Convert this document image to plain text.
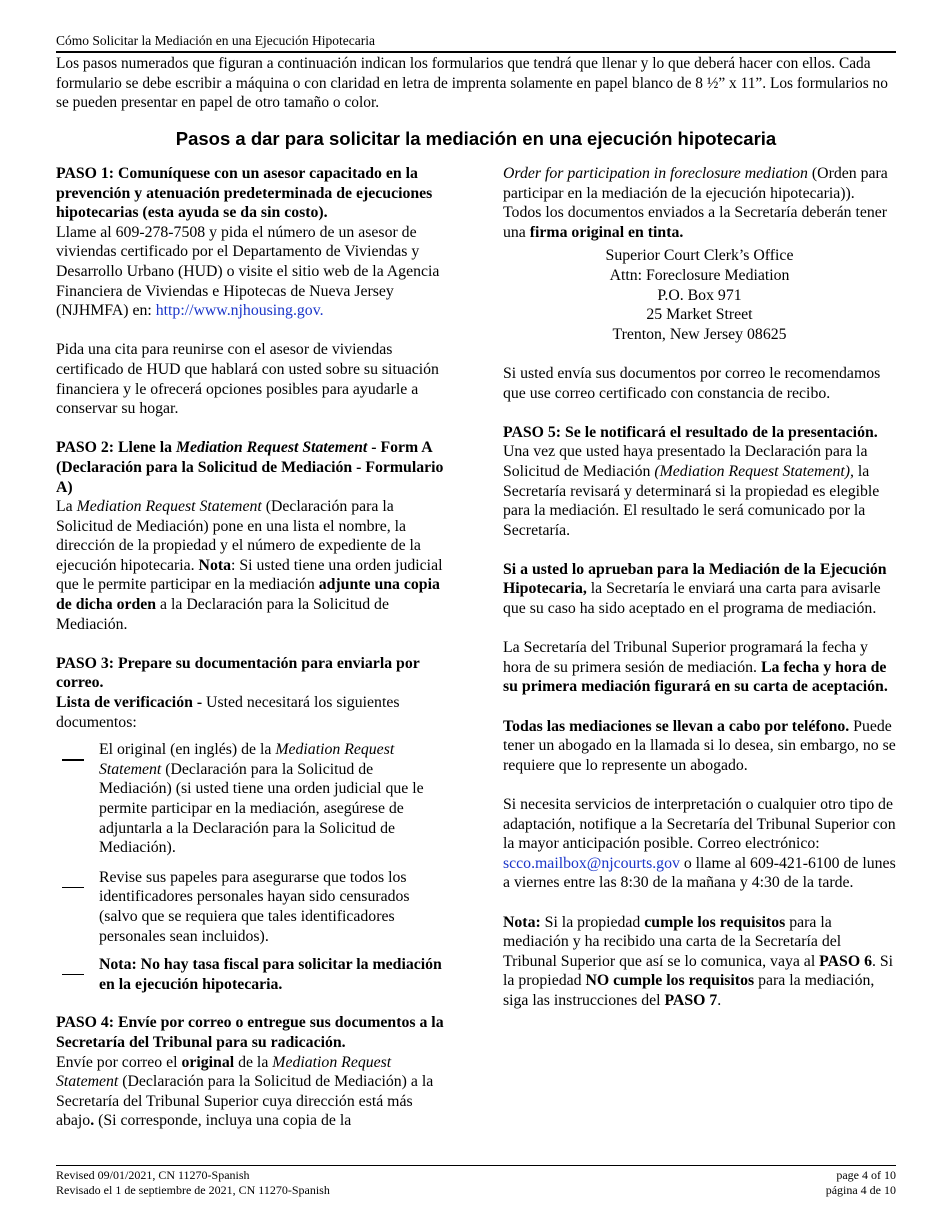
Cómo Solicitar la Mediación en una Ejecución Hipotecaria
Los pasos numerados que figuran a continuación indican los formularios que tendrá que llenar y lo que deberá hacer con ellos. Cada formulario se debe escribir a máquina o con claridad en letra de imprenta solamente en papel blanco de 8 ½” x 11”. Los formularios no se pueden presentar en papel de otro tamaño o color.
Pasos a dar para solicitar la mediación en una ejecución hipotecaria

PASO 1: Comuníquese con un asesor capacitado en la prevención y atenuación predeterminada de ejecuciones hipotecarias (esta ayuda se da sin costo).

Llame al 609-278-7508 y pida el número de un asesor de viviendas certificado por el Departamento de Viviendas y Desarrollo Urbano (HUD) o visite el sitio web de la Agencia Financiera de Viviendas e Hipotecas de Nueva Jersey (NJHMFA) en: http://www.njhousing.gov.

Pida una cita para reunirse con el asesor de viviendas certificado de HUD que hablará con usted sobre su situación financiera y le ofrecerá opciones posibles para ayudarle a conservar su hogar.

PASO 2: Llene la Mediation Request Statement - Form A (Declaración para la Solicitud de Mediación - Formulario A)

La Mediation Request Statement (Declaración para la Solicitud de Mediación) pone en una lista el nombre, la dirección de la propiedad y el número de expediente de la ejecución hipotecaria. Nota: Si usted tiene una orden judicial que le permite participar en la mediación adjunte una copia de dicha orden a la Declaración para la Solicitud de Mediación.

PASO 3: Prepare su documentación para enviarla por correo.

Lista de verificación - Usted necesitará los siguientes documentos:

El original (en inglés) de la Mediation Request Statement (Declaración para la Solicitud de Mediación) (si usted tiene una orden judicial que le permite participar en la mediación, asegúrese de adjuntarla a la Declaración para la Solicitud de Mediación).
Revise sus papeles para asegurarse que todos los identificadores personales hayan sido censurados (salvo que se requiera que tales identificadores personales sean incluidos).
Nota: No hay tasa fiscal para solicitar la mediación en la ejecución hipotecaria.

PASO 4: Envíe por correo o entregue sus documentos a la Secretaría del Tribunal para su radicación.

Envíe por correo el original de la Mediation Request Statement (Declaración para la Solicitud de Mediación) a la Secretaría del Tribunal Superior cuya dirección está más abajo. (Si corresponde, incluya una copia de la

Order for participation in foreclosure mediation (Orden para participar en la mediación de la ejecución hipotecaria)). Todos los documentos enviados a la Secretaría deberán tener una firma original en tinta.

Superior Court Clerk’s Office
Attn: Foreclosure Mediation
P.O. Box 971
25 Market Street
Trenton, New Jersey 08625

Si usted envía sus documentos por correo le recomendamos que use correo certificado con constancia de recibo.

PASO 5: Se le notificará el resultado de la presentación.

Una vez que usted haya presentado la Declaración para la Solicitud de Mediación (Mediation Request Statement), la Secretaría revisará y determinará si la propiedad es elegible para la mediación. El resultado le será comunicado por la Secretaría.

Si a usted lo aprueban para la Mediación de la Ejecución Hipotecaria, la Secretaría le enviará una carta para avisarle que su caso ha sido aceptado en el programa de mediación.

La Secretaría del Tribunal Superior programará la fecha y hora de su primera sesión de mediación. La fecha y hora de su primera mediación figurará en su carta de aceptación.

Todas las mediaciones se llevan a cabo por teléfono. Puede tener un abogado en la llamada si lo desea, sin embargo, no se requiere que lo represente un abogado.

Si necesita servicios de interpretación o cualquier otro tipo de adaptación, notifique a la Secretaría del Tribunal Superior con la mayor anticipación posible. Correo electrónico: scco.mailbox@njcourts.gov o llame al 609-421-6100 de lunes a viernes entre las 8:30 de la mañana y 4:30 de la tarde.

Nota: Si la propiedad cumple los requisitos para la mediación y ha recibido una carta de la Secretaría del Tribunal Superior que así se lo comunica, vaya al PASO 6. Si la propiedad NO cumple los requisitos para la mediación, siga las instrucciones del PASO 7.

Revised 09/01/2021, CN 11270-Spanish
Revisado el 1 de septiembre de 2021, CN 11270-Spanish
page 4 of 10
página 4 de 10
